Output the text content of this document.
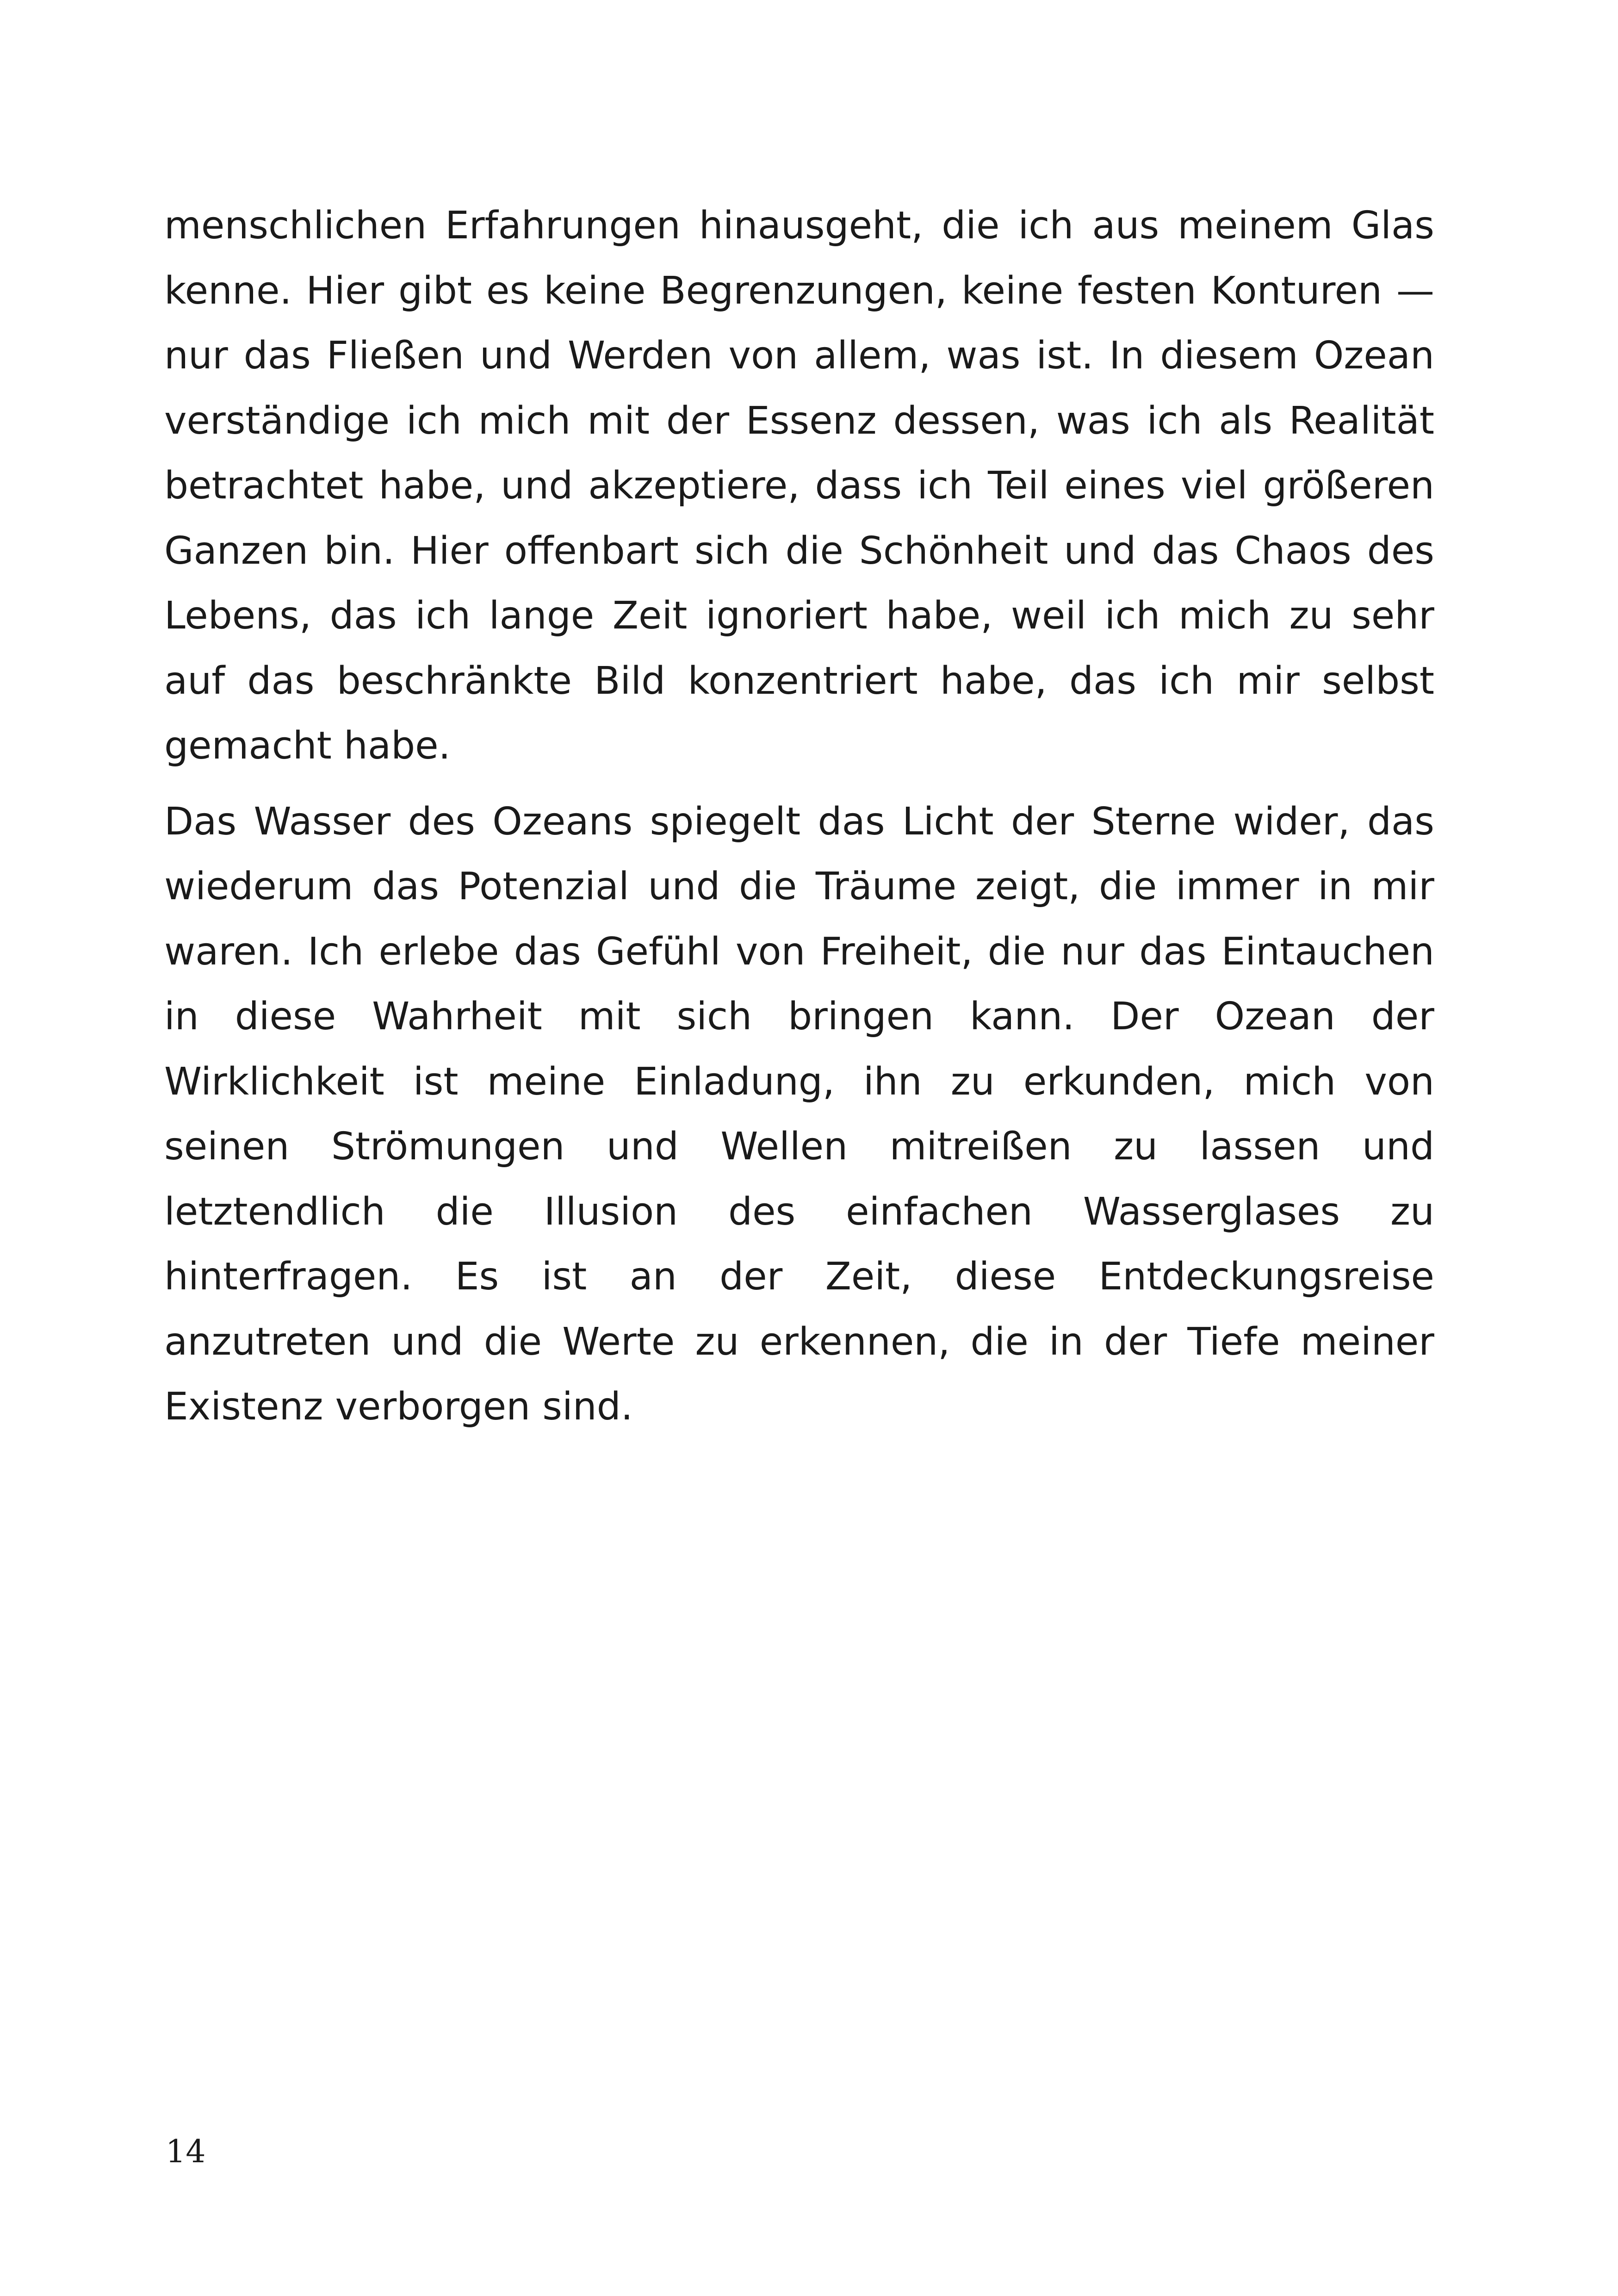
menschlichen Erfahrungen hinausgeht, die ich aus meinem Glas kenne. Hier gibt es keine Begrenzungen, keine festen Konturen — nur das Fließen und Werden von allem, was ist. In diesem Ozean verständige ich mich mit der Essenz dessen, was ich als Realität betrachtet habe, und akzeptiere, dass ich Teil eines viel größeren Ganzen bin. Hier offenbart sich die Schönheit und das Chaos des Lebens, das ich lange Zeit ignoriert habe, weil ich mich zu sehr auf das beschränkte Bild konzentriert habe, das ich mir selbst gemacht habe.

Das Wasser des Ozeans spiegelt das Licht der Sterne wider, das wiederum das Potenzial und die Träume zeigt, die immer in mir waren. Ich erlebe das Gefühl von Freiheit, die nur das Eintauchen in diese Wahrheit mit sich bringen kann. Der Ozean der Wirklichkeit ist meine Einladung, ihn zu erkunden, mich von seinen Strömungen und Wellen mitreißen zu lassen und letztendlich die Illusion des einfachen Wasserglases zu hinterfragen. Es ist an der Zeit, diese Entdeckungsreise anzutreten und die Werte zu erkennen, die in der Tiefe meiner Existenz verborgen sind.

14
